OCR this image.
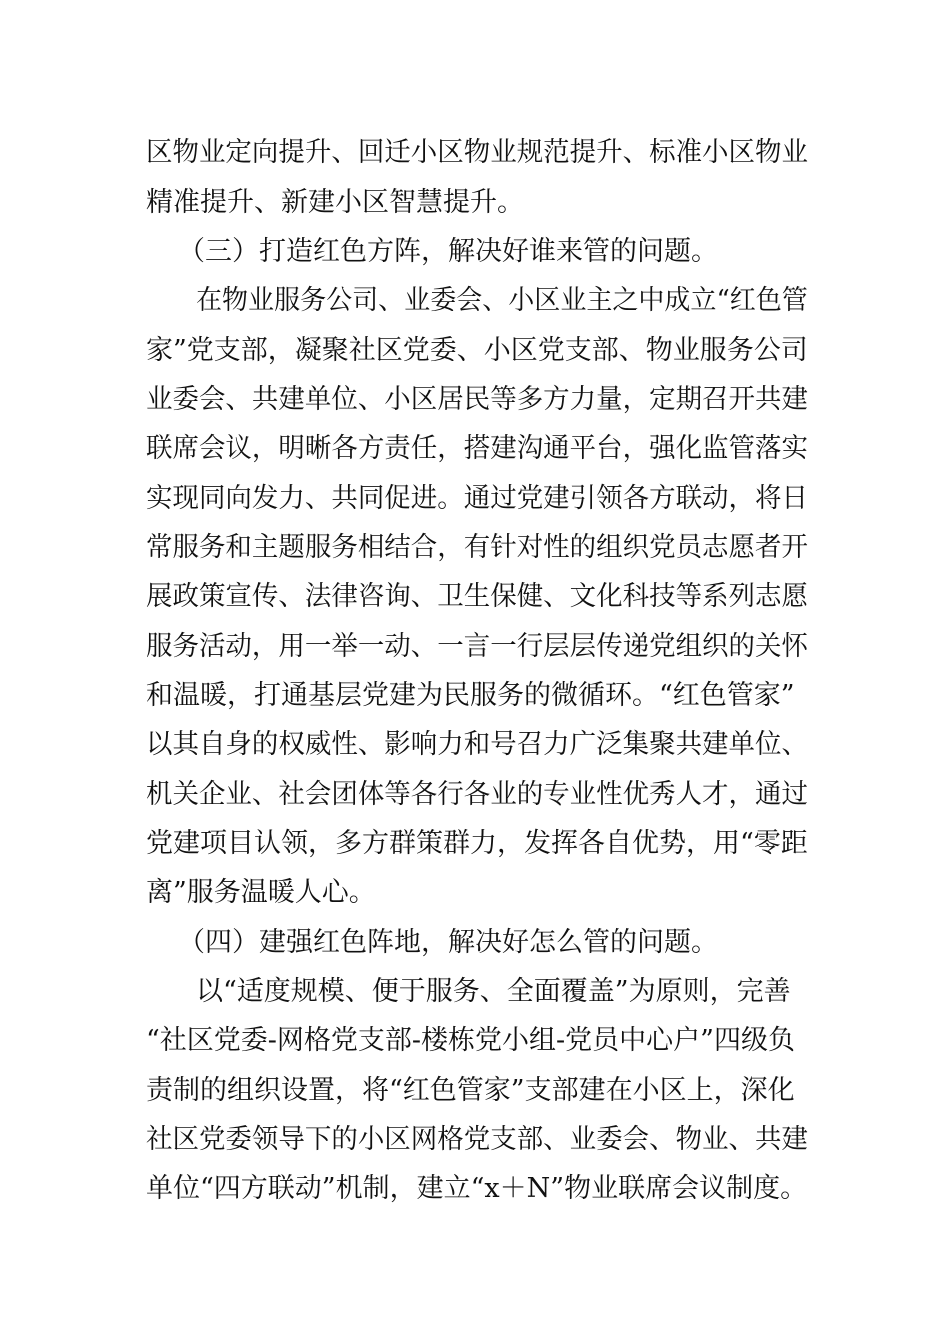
区物业定向提升、回迁小区物业规范提升、标准小区物业
精准提升、新建小区智慧提升。
（三）打造红色方阵，解决好谁来管的问题。
在物业服务公司、业委会、小区业主之中成立“红色管
家”党支部，凝聚社区党委、小区党支部、物业服务公司
业委会、共建单位、小区居民等多方力量，定期召开共建
联席会议，明晰各方责任，搭建沟通平台，强化监管落实
实现同向发力、共同促进。通过党建引领各方联动，将日
常服务和主题服务相结合，有针对性的组织党员志愿者开
展政策宣传、法律咨询、卫生保健、文化科技等系列志愿
服务活动，用一举一动、一言一行层层传递党组织的关怀
和温暖，打通基层党建为民服务的微循环。“红色管家”
以其自身的权威性、影响力和号召力广泛集聚共建单位、
机关企业、社会团体等各行各业的专业性优秀人才，通过
党建项目认领，多方群策群力，发挥各自优势，用“零距
离”服务温暖人心。
（四）建强红色阵地，解决好怎么管的问题。
以“适度规模、便于服务、全面覆盖”为原则，完善
“社区党委-网格党支部-楼栋党小组-党员中心户”四级负
责制的组织设置，将“红色管家”支部建在小区上，深化
社区党委领导下的小区网格党支部、业委会、物业、共建
单位“四方联动”机制，建立“x＋N”物业联席会议制度。
